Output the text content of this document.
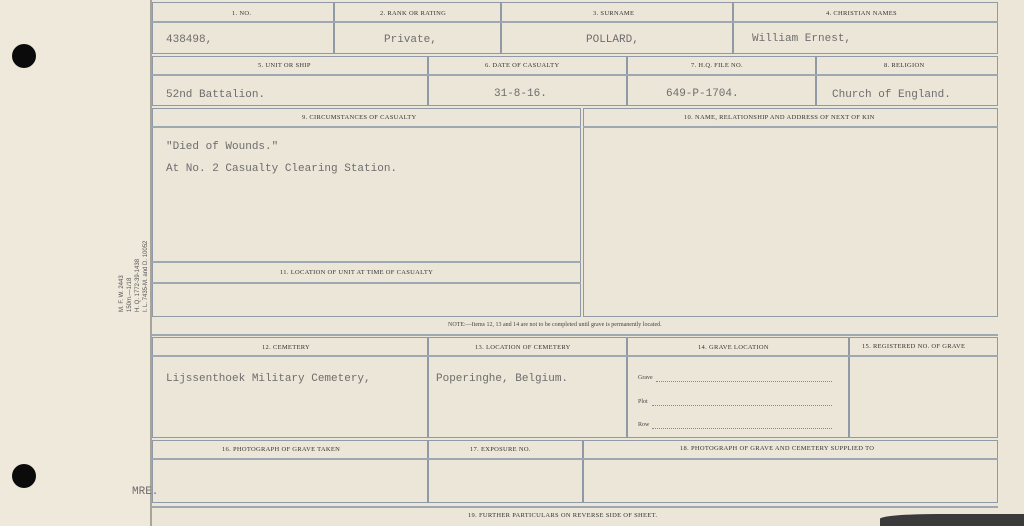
M. F. W. 2443 150m.—1/18 H. Q. 1772-39-1438 I. L. 7435-M. and D. 10052
1. NO.	2. RANK OR RATING	3. SURNAME	4. CHRISTIAN NAMES
438498,	Private,	POLLARD,	William Ernest,
5. UNIT OR SHIP	6. DATE OF CASUALTY	7. H.Q. FILE NO.	8. RELIGION
52nd Battalion.	31-8-16.	649-P-1704.	Church of England.
9. CIRCUMSTANCES OF CASUALTY	10. NAME, RELATIONSHIP AND ADDRESS OF NEXT OF KIN
"Died of Wounds."
At No. 2 Casualty Clearing Station.
11. LOCATION OF UNIT AT TIME OF CASUALTY
NOTE:—Items 12, 13 and 14 are not to be completed until grave is permanently located.
12. CEMETERY	13. LOCATION OF CEMETERY	14. GRAVE LOCATION	15. REGISTERED NO. OF GRAVE
Lijssenthoek Military Cemetery,	Poperinghe, Belgium.	Grave
Plot
Row
16. PHOTOGRAPH OF GRAVE TAKEN	17. EXPOSURE NO.	18. PHOTOGRAPH OF GRAVE AND CEMETERY SUPPLIED TO
MRE.
19. FURTHER PARTICULARS ON REVERSE SIDE OF SHEET.
